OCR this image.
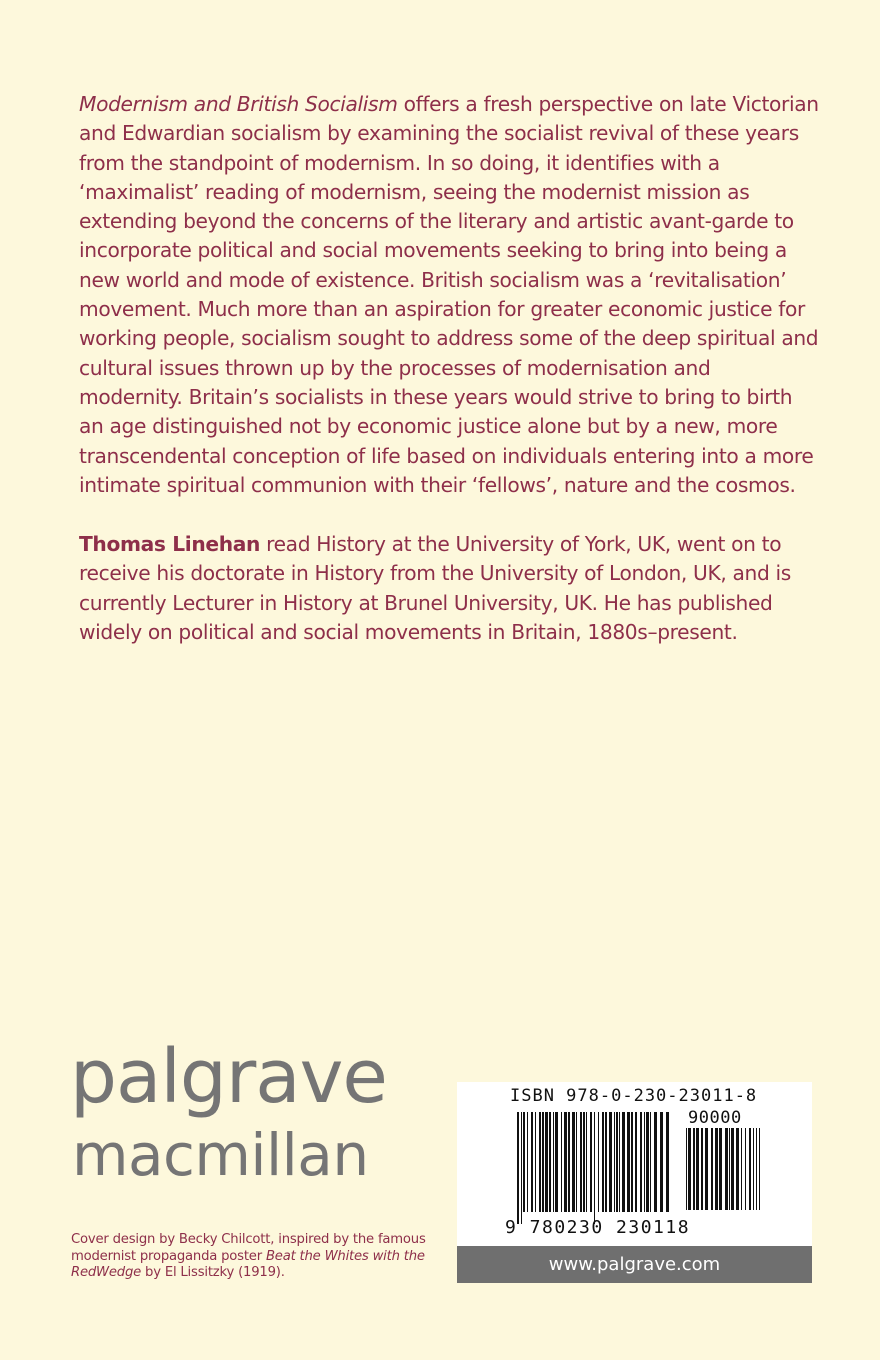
Modernism and British Socialism offers a fresh perspective on late Victorian and Edwardian socialism by examining the socialist revival of these years from the standpoint of modernism. In so doing, it identifies with a ‘maximalist’ reading of modernism, seeing the modernist mission as extending beyond the concerns of the literary and artistic avant-garde to incorporate political and social movements seeking to bring into being a new world and mode of existence. British socialism was a ‘revitalisation’ movement. Much more than an aspiration for greater economic justice for working people, socialism sought to address some of the deep spiritual and cultural issues thrown up by the processes of modernisation and modernity. Britain’s socialists in these years would strive to bring to birth an age distinguished not by economic justice alone but by a new, more transcendental conception of life based on individuals entering into a more intimate spiritual communion with their ‘fellows’, nature and the cosmos.

Thomas Linehan read History at the University of York, UK, went on to receive his doctorate in History from the University of London, UK, and is currently Lecturer in History at Brunel University, UK. He has published widely on political and social movements in Britain, 1880s–present.

palgrave
macmillan

Cover design by Becky Chilcott, inspired by the famous modernist propaganda poster Beat the Whites with the RedWedge by El Lissitzky (1919).

ISBN 978-0-230-23011-8
90000
9 780230 230118
www.palgrave.com
